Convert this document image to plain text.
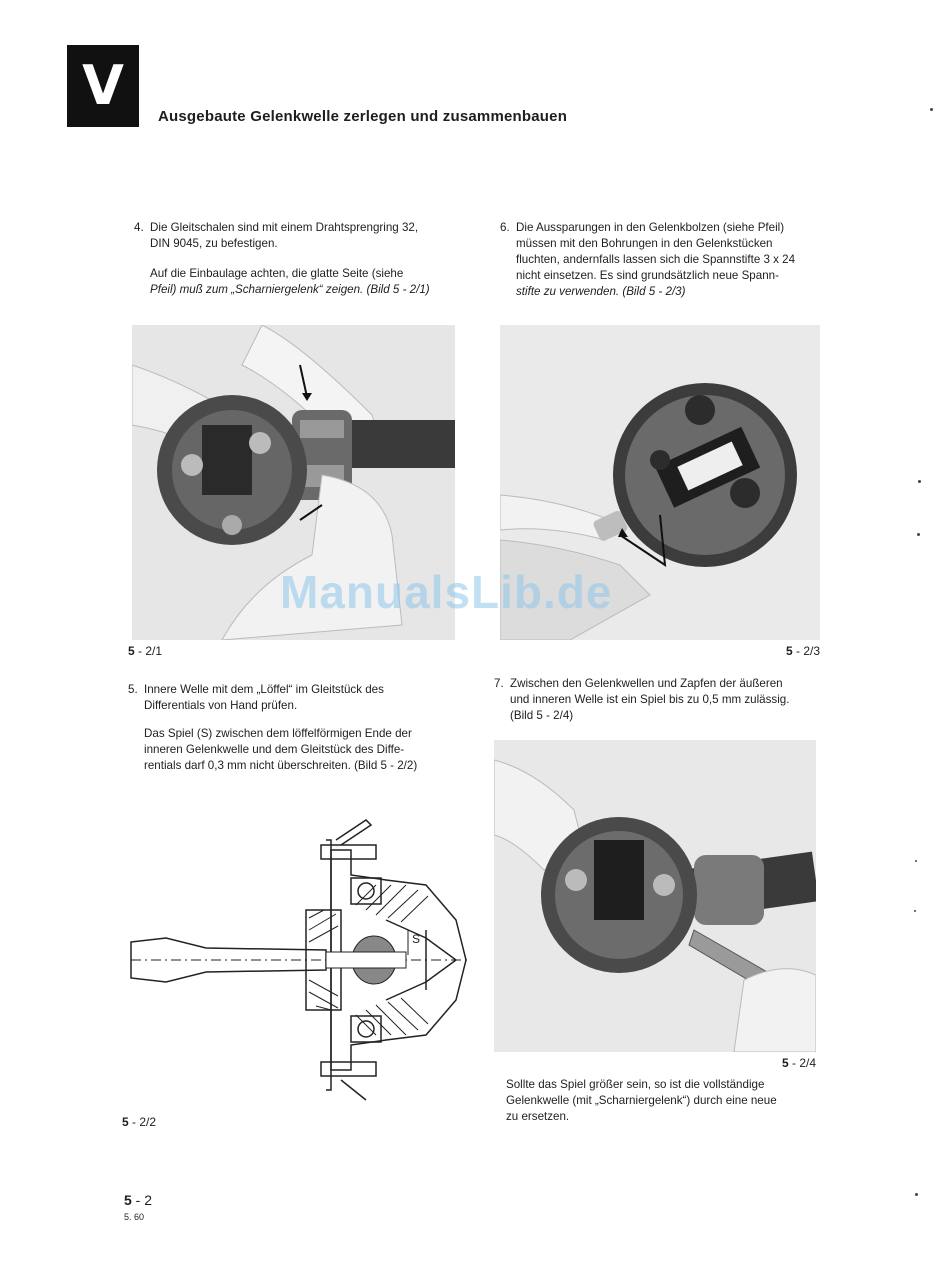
V	Ausgebaute Gelenkwelle zerlegen und zusammenbauen
4. Die Gleitschalen sind mit einem Drahtsprengring 32,
DIN 9045, zu befestigen.
Auf die Einbaulage achten, die glatte Seite (siehe
Pfeil) muß zum „Scharniergelenk“ zeigen. (Bild 5 - 2/1)
6. Die Aussparungen in den Gelenkbolzen (siehe Pfeil)
müssen mit den Bohrungen in den Gelenkstücken
fluchten, andernfalls lassen sich die Spannstifte 3 x 24
nicht einsetzen. Es sind grundsätzlich neue Spann-
stifte zu verwenden. (Bild 5 - 2/3)
5 - 2/1	5 - 2/3
5. Innere Welle mit dem „Löffel“ im Gleitstück des
Differentials von Hand prüfen.
Das Spiel (S) zwischen dem löffelförmigen Ende der
inneren Gelenkwelle und dem Gleitstück des Diffe-
rentials darf 0,3 mm nicht überschreiten. (Bild 5 - 2/2)
7. Zwischen den Gelenkwellen und Zapfen der äußeren
und inneren Welle ist ein Spiel bis zu 0,5 mm zulässig.
(Bild 5 - 2/4)
S
5 - 2/2
5 - 2/4
Sollte das Spiel größer sein, so ist die vollständige
Gelenkwelle (mit „Scharniergelenk“) durch eine neue
zu ersetzen.
5 - 2
5. 60
ManualsLib.de
